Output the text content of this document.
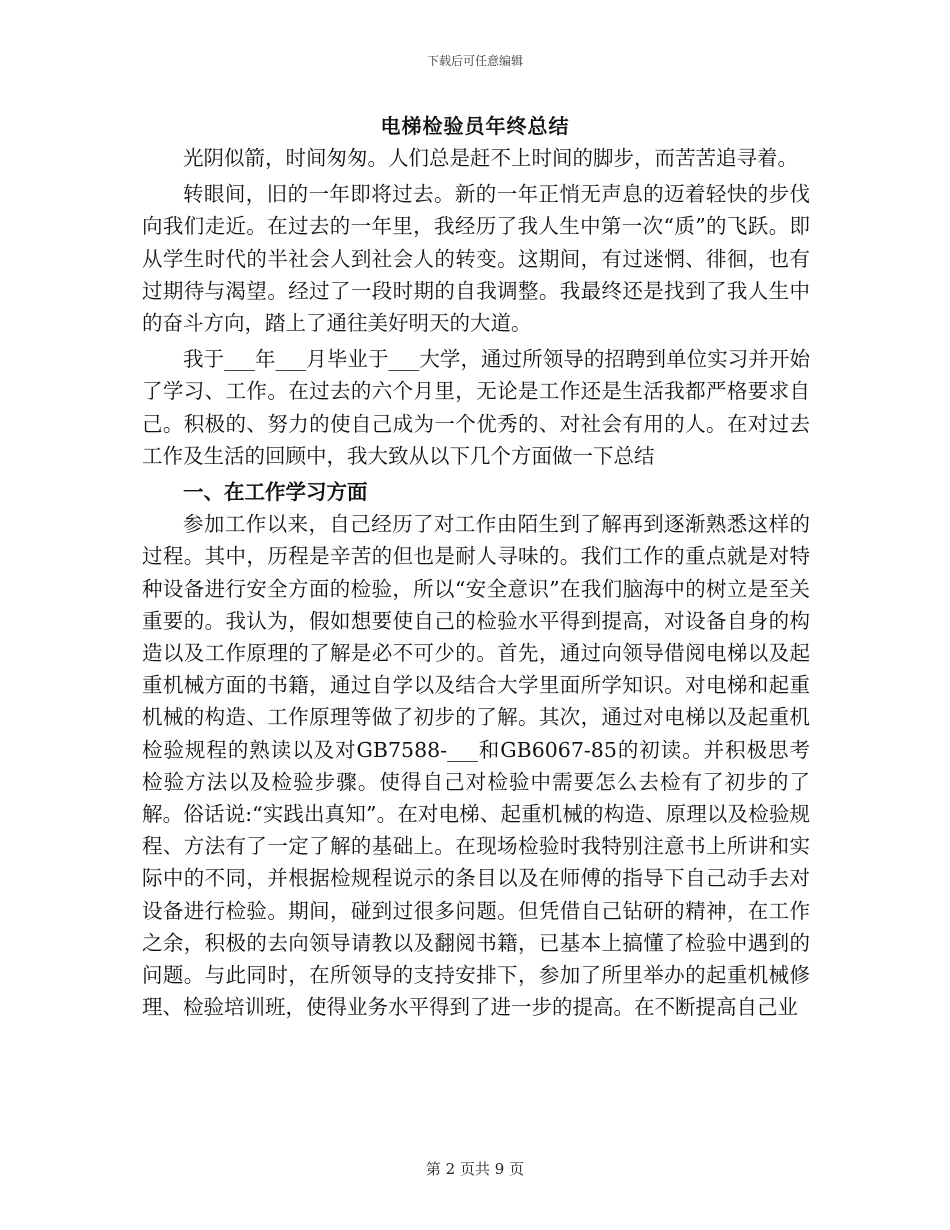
下载后可任意编辑
电梯检验员年终总结

光阴似箭，时间匆匆。人们总是赶不上时间的脚步，而苦苦追寻着。

转眼间，旧的一年即将过去。新的一年正悄无声息的迈着轻快的步伐向我们走近。在过去的一年里，我经历了我人生中第一次“质”的飞跃。即从学生时代的半社会人到社会人的转变。这期间，有过迷惘、徘徊，也有过期待与渴望。经过了一段时期的自我调整。我最终还是找到了我人生中的奋斗方向，踏上了通往美好明天的大道。

我于___年___月毕业于___大学，通过所领导的招聘到单位实习并开始了学习、工作。在过去的六个月里，无论是工作还是生活我都严格要求自己。积极的、努力的使自己成为一个优秀的、对社会有用的人。在对过去工作及生活的回顾中，我大致从以下几个方面做一下总结

一、在工作学习方面

参加工作以来，自己经历了对工作由陌生到了解再到逐渐熟悉这样的过程。其中，历程是辛苦的但也是耐人寻味的。我们工作的重点就是对特种设备进行安全方面的检验，所以“安全意识”在我们脑海中的树立是至关重要的。我认为，假如想要使自己的检验水平得到提高，对设备自身的构造以及工作原理的了解是必不可少的。首先，通过向领导借阅电梯以及起重机械方面的书籍，通过自学以及结合大学里面所学知识。对电梯和起重机械的构造、工作原理等做了初步的了解。其次，通过对电梯以及起重机检验规程的熟读以及对GB7588-___和GB6067-85的初读。并积极思考检验方法以及检验步骤。使得自己对检验中需要怎么去检有了初步的了解。俗话说:“实践出真知”。在对电梯、起重机械的构造、原理以及检验规程、方法有了一定了解的基础上。在现场检验时我特别注意书上所讲和实际中的不同，并根据检规程说示的条目以及在师傅的指导下自己动手去对设备进行检验。期间，碰到过很多问题。但凭借自己钻研的精神，在工作之余，积极的去向领导请教以及翻阅书籍，已基本上搞懂了检验中遇到的问题。与此同时，在所领导的支持安排下，参加了所里举办的起重机械修理、检验培训班，使得业务水平得到了进一步的提高。在不断提高自己业

第 2 页共 9 页
